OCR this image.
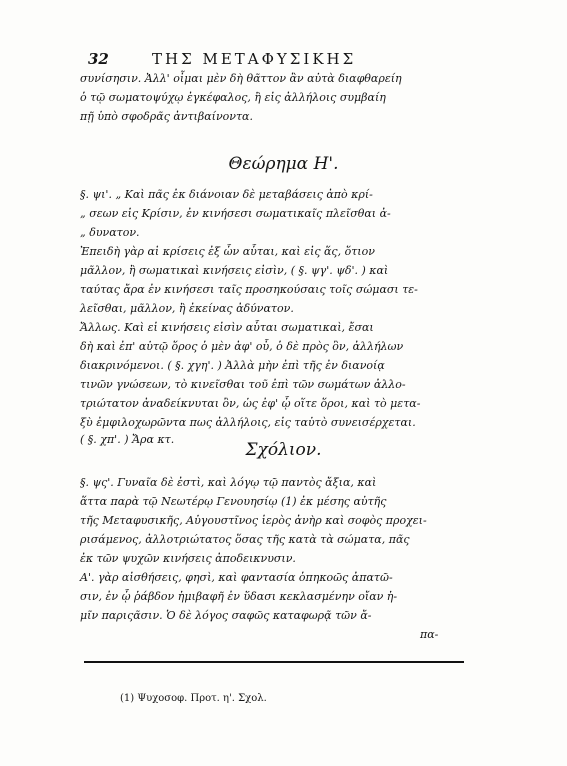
32	ΤΗΣ ΜΕΤΑΦΥΣΙΚΗΣ
συνίσησιν. Ἀλλ' οἶμαι μὲν δὴ θᾶττον ἂν αὐτὰ διαφθαρείη
ὁ τῷ σωματοψύχῳ ἐγκέφαλος, ἢ εἰς ἀλλήλοις συμβαίη
πῇ ὑπὸ σφοδρᾶς ἀντιβαίνοντα.
Θεώρημα Η'.
§. ψι'. „ Καὶ πᾶς ἐκ διάνοιαν δὲ μεταβάσεις ἀπὸ κρί-
„ σεων εἰς Κρίσιν, ἐν κινήσεσι σωματικαῖς πλεῖσθαι ἀ-
„ δυνατον.
Ἐπειδὴ γὰρ αἱ κρίσεις ἐξ ὧν αὗται, καὶ εἰς ἅς, ὅτιον
μᾶλλον, ἢ σωματικαὶ κινήσεις εἰσὶν, ( §. ψγ'. ψδ'. ) καὶ
ταύτας ἄρα ἐν κινήσεσι ταῖς προσηκούσαις τοῖς σώμασι τε-
λεῖσθαι, μᾶλλον, ἢ ἐκείνας ἀδύνατον.
Ἄλλως. Καὶ εἰ κινήσεις εἰσὶν αὗται σωματικαὶ, ἔσαι
δὴ καὶ ἐπ' αὐτῷ ὅρος ὁ μὲν ἀφ' οὗ, ὁ δὲ πρὸς ὃν, ἀλλήλων
διακρινόμενοι. ( §. χγη'. ) Ἀλλὰ μὴν ἐπὶ τῆς ἐν διανοίᾳ
τινῶν γνώσεων, τὸ κινεῖσθαι τοῦ ἐπὶ τῶν σωμάτων ἀλλο-
τριώτατον ἀναδείκνυται ὂν, ὡς ἐφ' ᾧ οἵτε ὅροι, καὶ τὸ μετα-
ξὺ ἐμφιλοχωρῶντα πως ἀλλήλοις, εἰς ταὐτὸ συνεισέρχεται.
( §. χπ'. ) Ἄρα κτ.
Σχόλιον.
§. ψς'. Γυναῖα δὲ ἐστὶ, καὶ λόγῳ τῷ παντὸς ἄξια, καὶ
ἅττα παρὰ τῷ Νεωτέρῳ Γενουησίῳ (1) ἐκ μέσης αὐτῆς
τῆς Μεταφυσικῆς, Αὐγουστῖνος ἱερὸς ἀνὴρ καὶ σοφὸς προχει-
ρισάμενος, ἀλλοτριώτατος ὅσας τῆς κατὰ τὰ σώματα, πᾶς
ἐκ τῶν ψυχῶν κινήσεις ἀποδεικνυσιν.
Α'. γὰρ αἰσθήσεις, φησὶ, καὶ φαντασία ὁπηκοῶς ἀπατῶ-
σιν, ἐν ᾧ ῥάβδον ἡμιβαφῆ ἐν ὕδασι κεκλασμένην οἴαν ἡ-
μῖν παριςᾶσιν. Ὁ δὲ λόγος σαφῶς καταφωρᾷ τῶν ἄ-
πα-
(1) Ψυχοσοφ. Προτ. η'. Σχολ.
